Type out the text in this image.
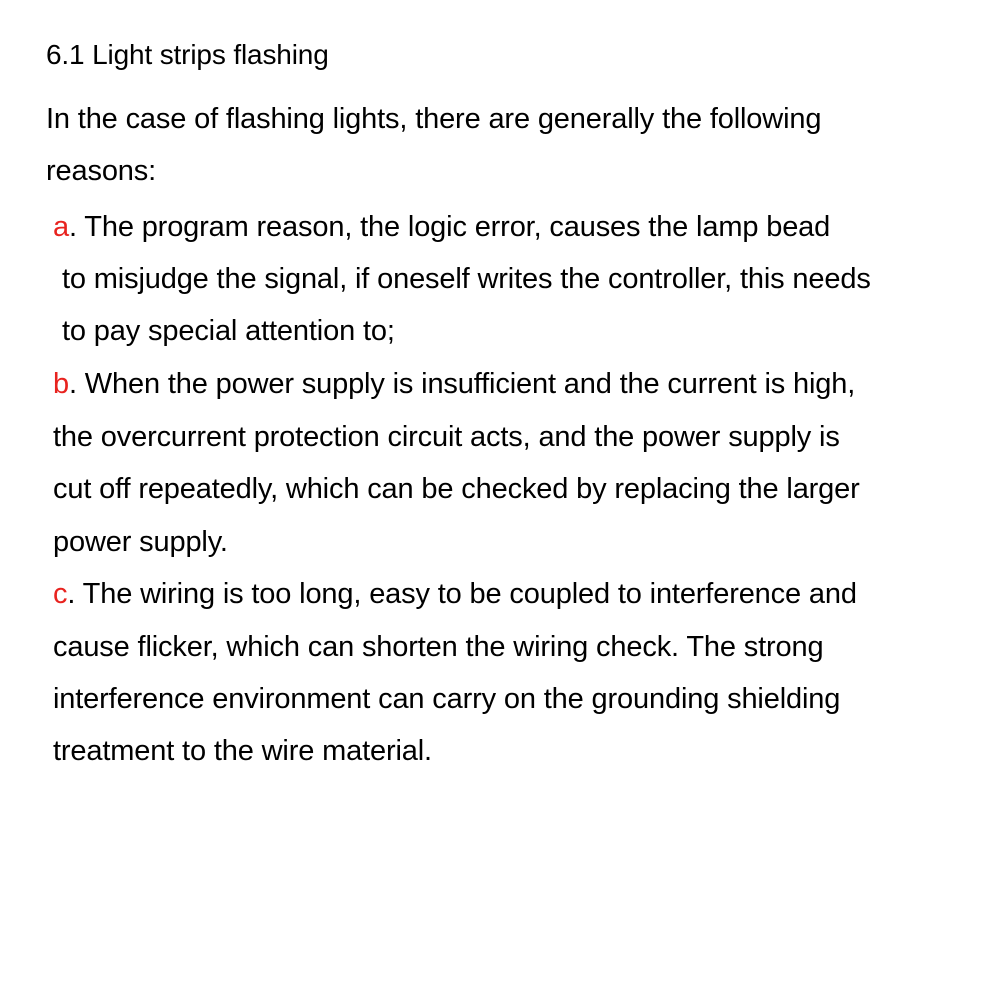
6.1 Light strips flashing
In the case of flashing lights, there are generally the following
reasons:
a. The program reason, the logic error, causes the lamp bead
to misjudge the signal, if oneself writes the controller, this needs
to pay special attention to;
b. When the power supply is insufficient and the current is high,
the overcurrent protection circuit acts, and the power supply is
cut off repeatedly, which can be checked by replacing the larger
power supply.
c. The wiring is too long, easy to be coupled to interference and
cause flicker, which can shorten the wiring check. The strong
interference environment can carry on the grounding shielding
treatment to the wire material.
